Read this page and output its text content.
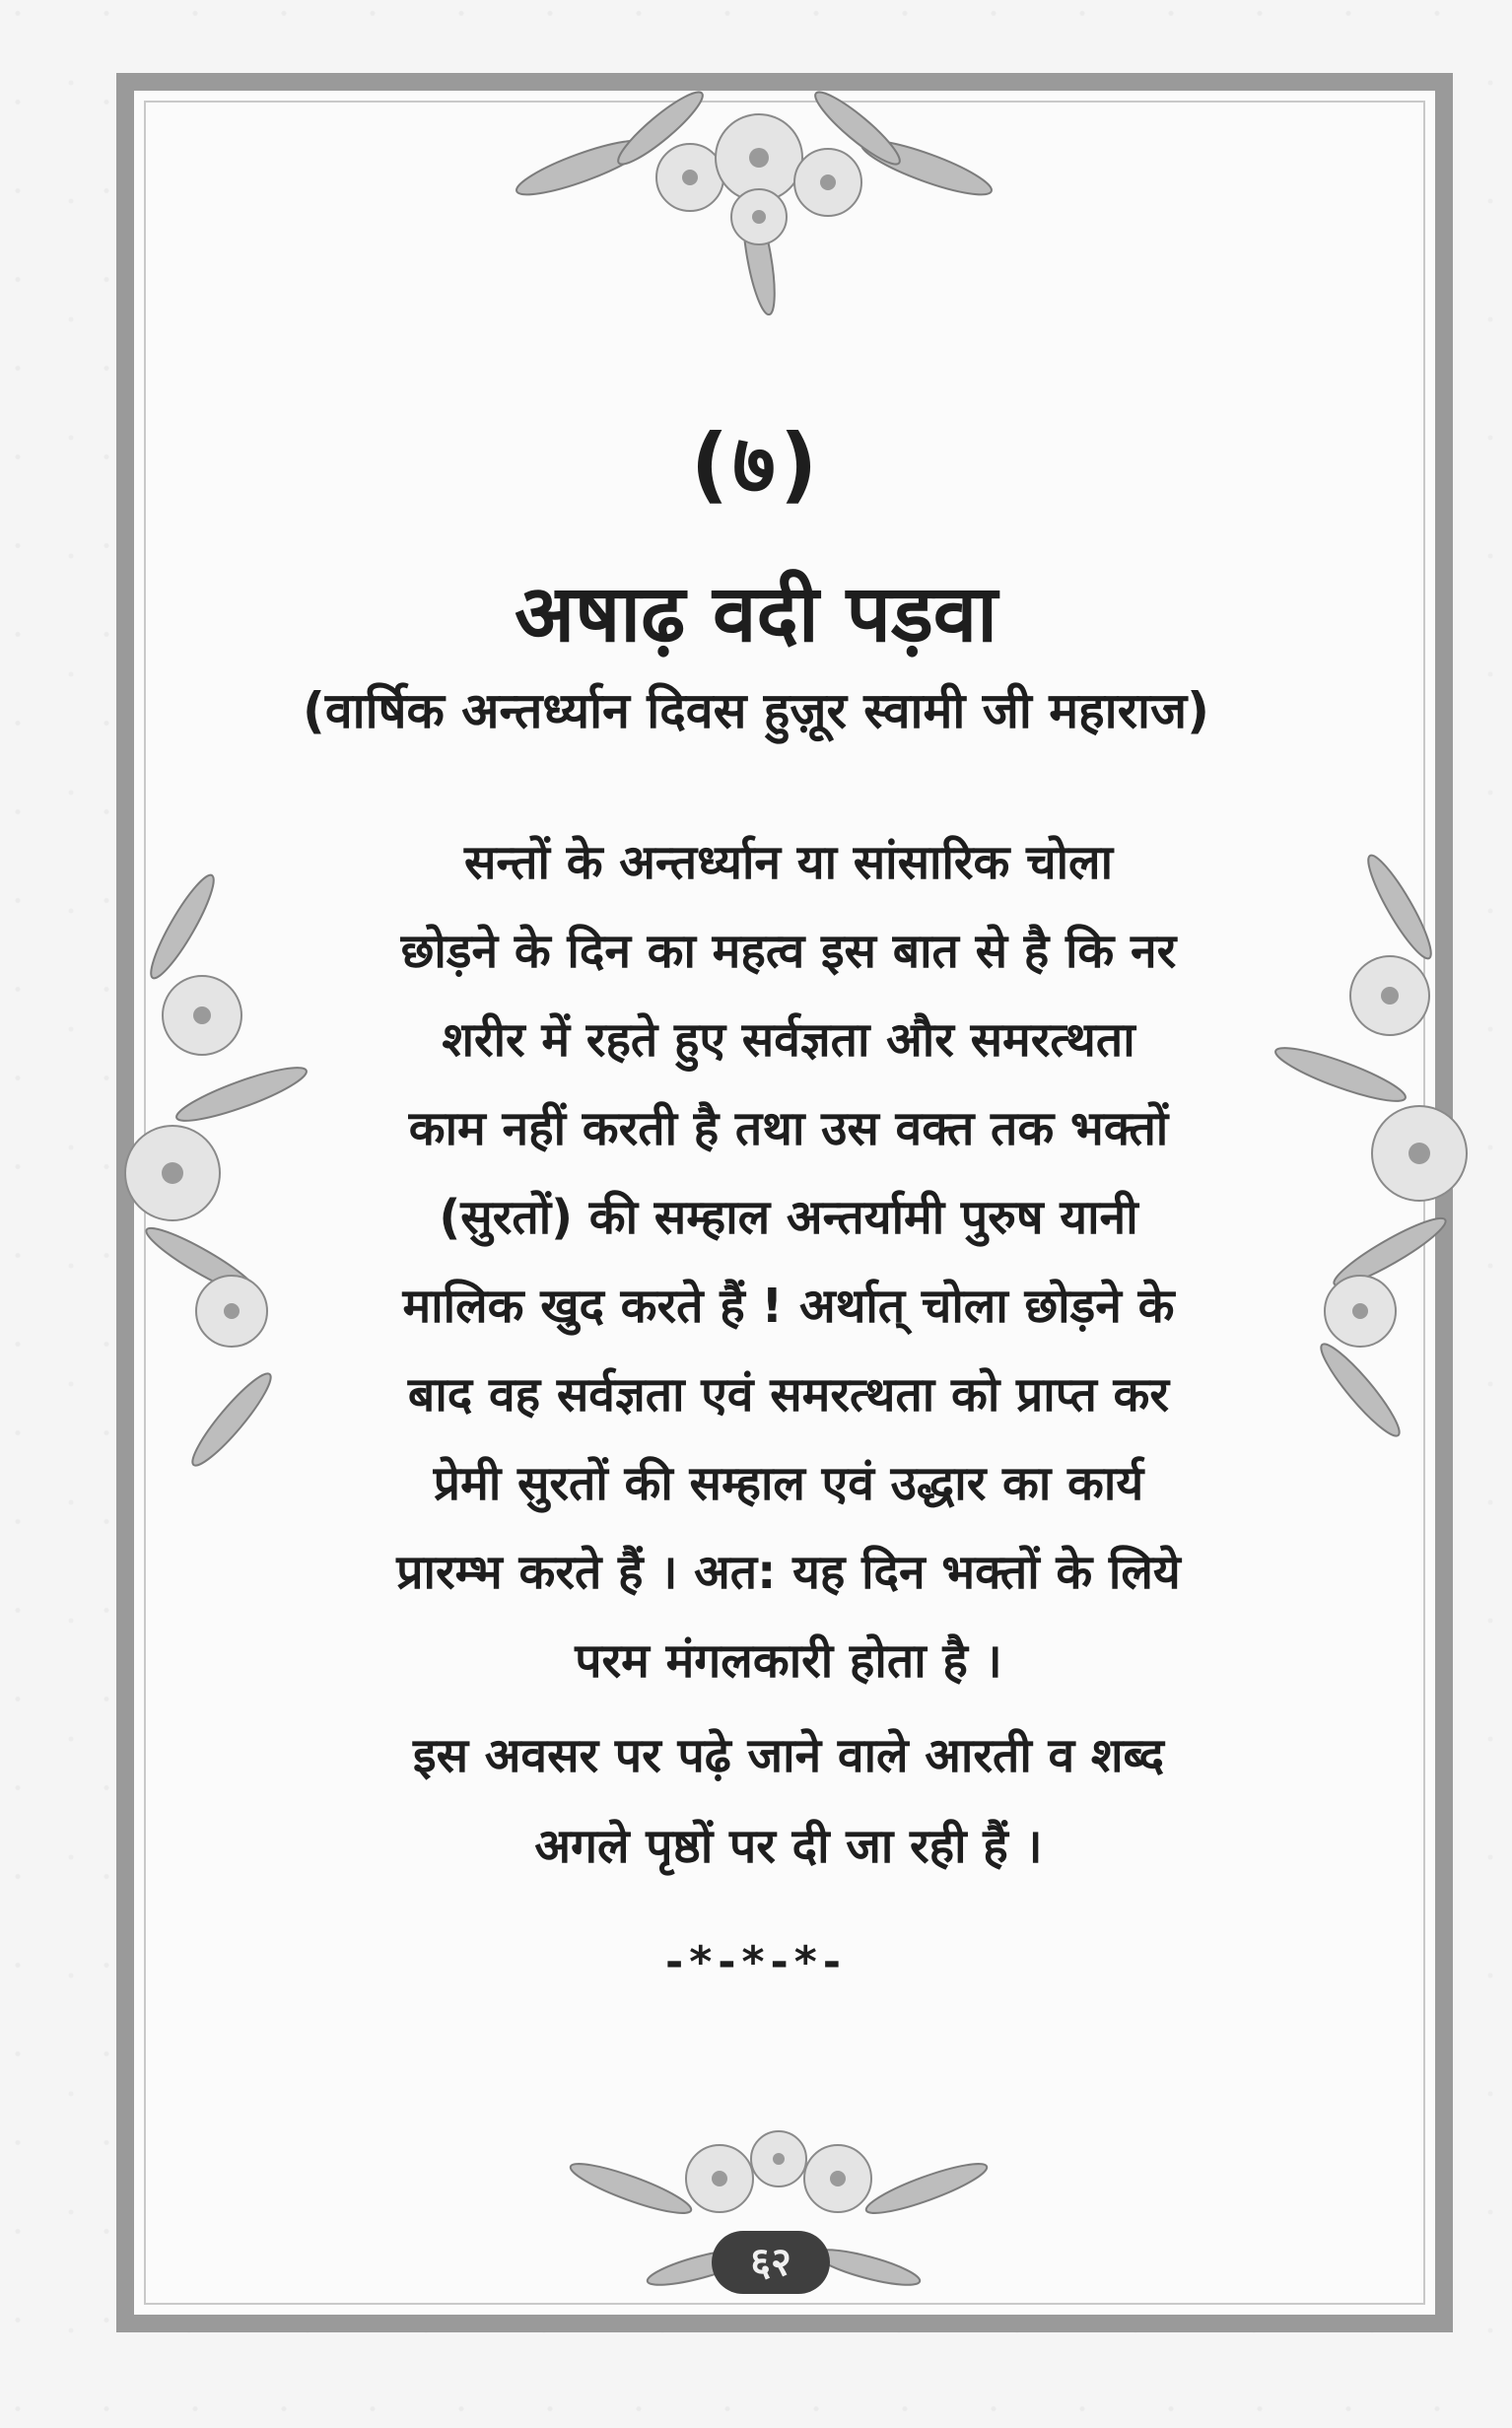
(७)
अषाढ़ वदी पड़वा
(वार्षिक अन्तर्ध्यान दिवस हुज़ूर स्वामी जी महाराज)

सन्तों के अन्तर्ध्यान या सांसारिक चोला
छोड़ने के दिन का महत्व इस बात से है कि नर
शरीर में रहते हुए सर्वज्ञता और समरत्थता
काम नहीं करती है तथा उस वक्त तक भक्तों
(सुरतों) की सम्हाल अन्तर्यामी पुरुष यानी
मालिक खुद करते हैं ! अर्थात् चोला छोड़ने के
बाद वह सर्वज्ञता एवं समरत्थता को प्राप्त कर
प्रेमी सुरतों की सम्हाल एवं उद्धार का कार्य
प्रारम्भ करते हैं । अत: यह दिन भक्तों के लिये
परम मंगलकारी होता है ।

इस अवसर पर पढ़े जाने वाले आरती व शब्द
अगले पृष्ठों पर दी जा रही हैं ।

-*-*-*-
६२
